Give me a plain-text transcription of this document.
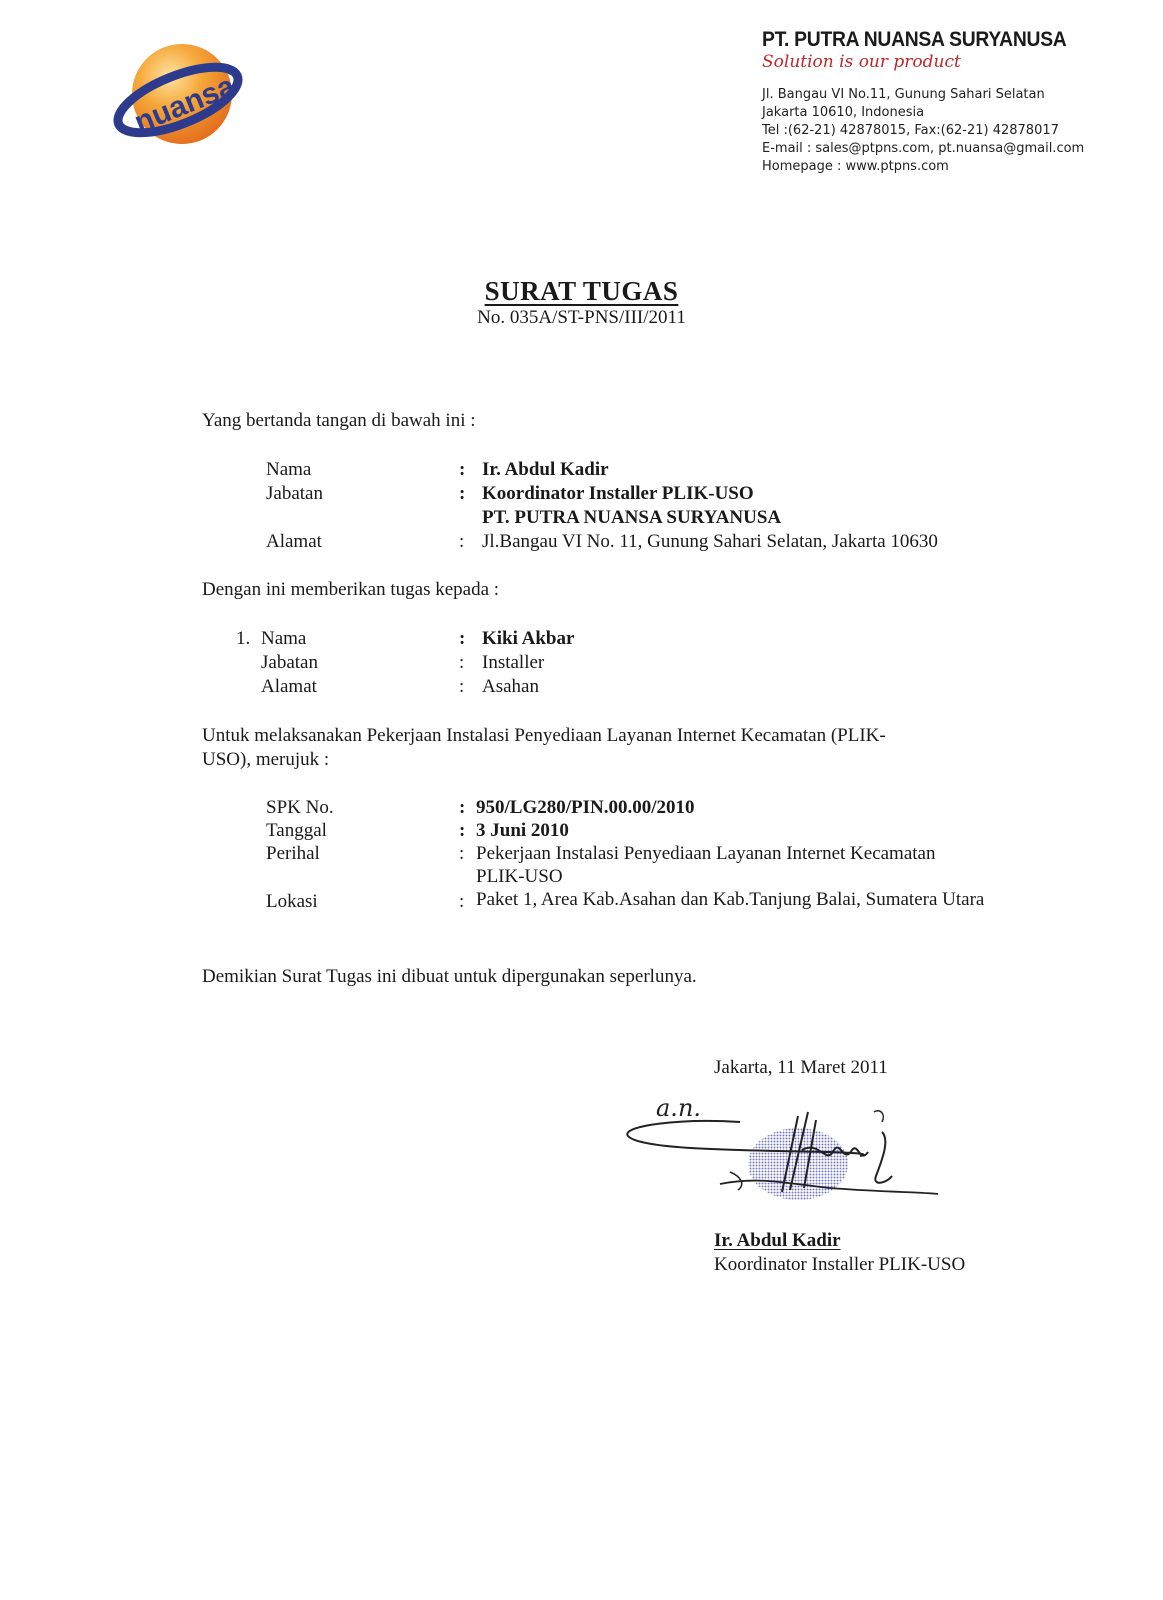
nuansa
PT. PUTRA NUANSA SURYANUSA
Solution is our product
Jl. Bangau VI No.11, Gunung Sahari Selatan
Jakarta 10610, Indonesia
Tel :(62-21) 42878015, Fax:(62-21) 42878017
E-mail : sales@ptpns.com, pt.nuansa@gmail.com
Homepage : www.ptpns.com
SURAT TUGAS
No. 035A/ST-PNS/III/2011
Yang bertanda tangan di bawah ini :
Nama	: Ir. Abdul Kadir
Jabatan	: Koordinator Installer PLIK-USO
PT. PUTRA NUANSA SURYANUSA
Alamat	: Jl.Bangau VI No. 11, Gunung Sahari Selatan, Jakarta 10630
Dengan ini memberikan tugas kepada :
1. Nama	: Kiki Akbar
Jabatan	: Installer
Alamat	: Asahan
Untuk melaksanakan Pekerjaan Instalasi Penyediaan Layanan Internet Kecamatan (PLIK-
USO), merujuk :
SPK No.	: 950/LG280/PIN.00.00/2010
Tanggal	: 3 Juni 2010
Perihal	: Pekerjaan Instalasi Penyediaan Layanan Internet Kecamatan
PLIK-USO
Lokasi	: Paket 1, Area Kab.Asahan dan Kab.Tanjung Balai, Sumatera Utara
Demikian Surat Tugas ini dibuat untuk dipergunakan seperlunya.
Jakarta, 11 Maret 2011
a.n.
Ir. Abdul Kadir
Koordinator Installer PLIK-USO
